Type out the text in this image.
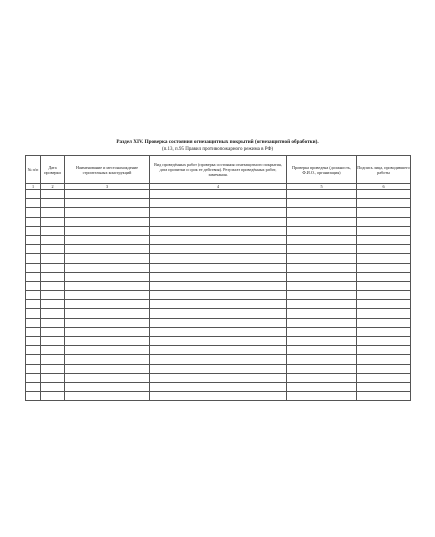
Раздел XIV. Проверка состояния огнезащитных покрытий (огнезащитной обработки).
(п.13, п.95 Правил противопожарного режима в РФ)
№ п/п	Дата проверки	Наименование и местонахождение строительных конструкций	Вид проведённых работ (проверка состояния огнезащитного покрытия, дата пропитки и срок ее действия). Результат проведённых работ, замечания.	Проверка проведена (должность, Ф.И.О., организация)	Подпись лица, проводившего работы
1	2	3	4	5	6
